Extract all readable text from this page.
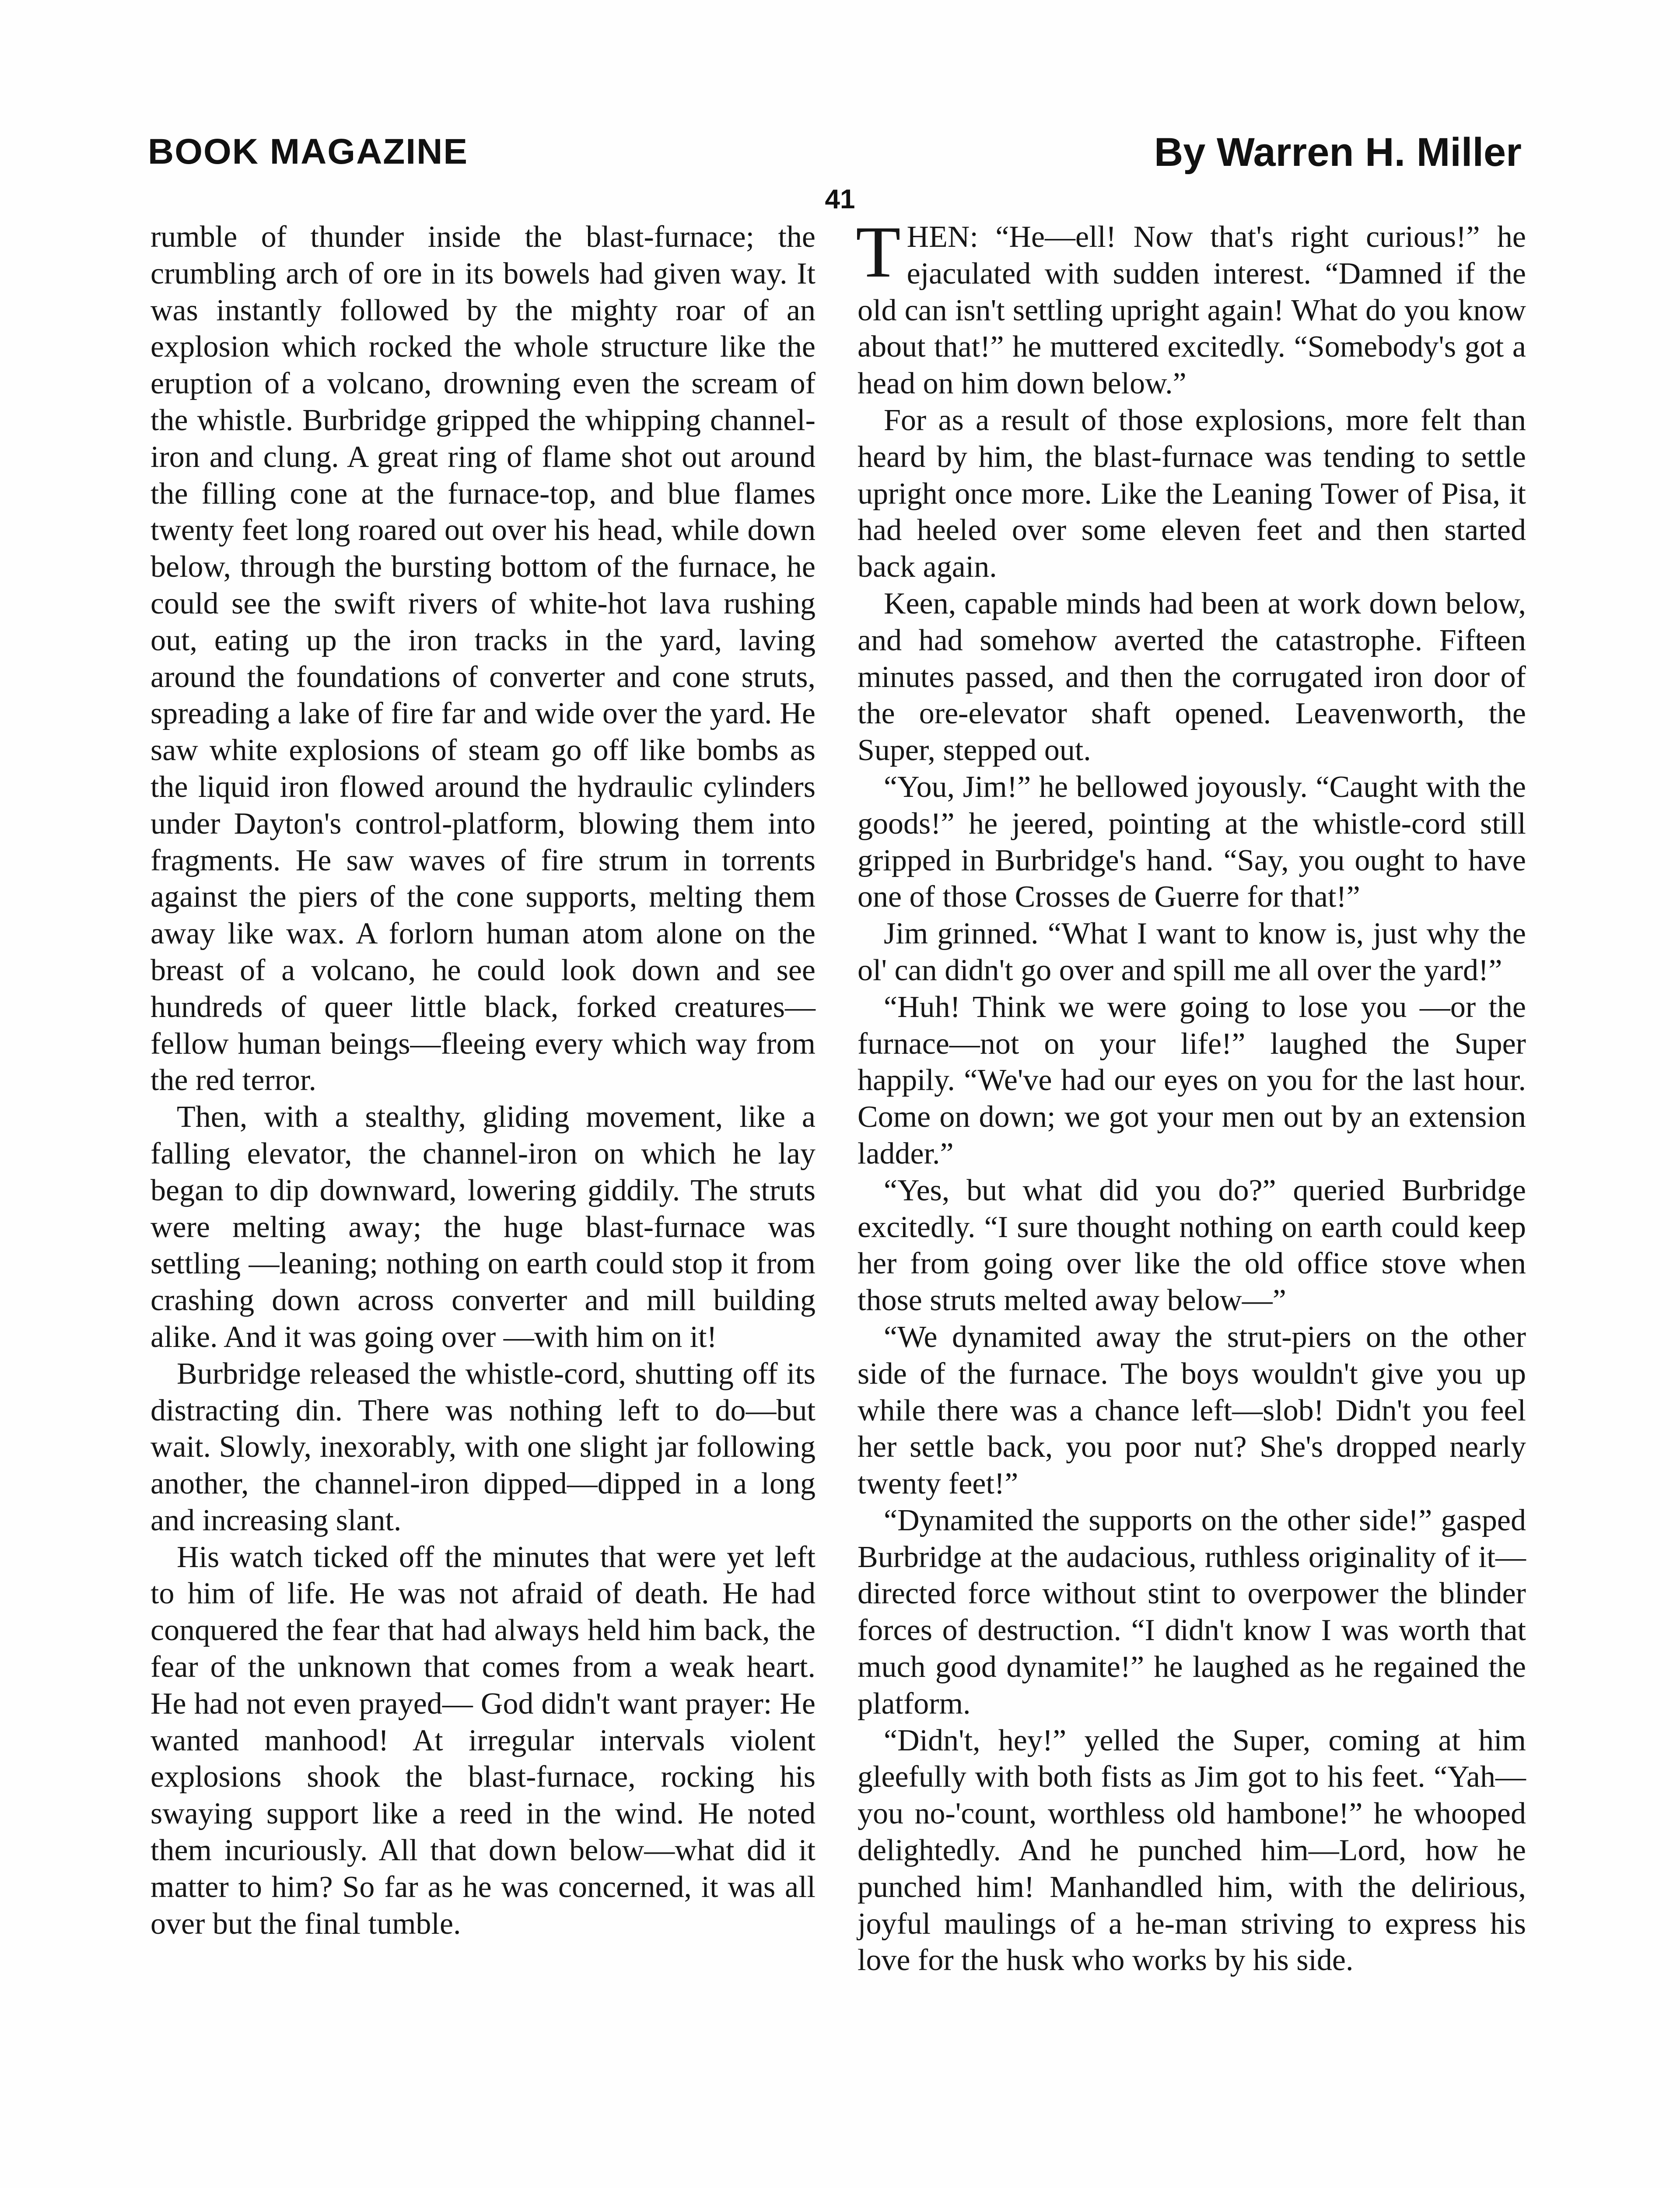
BOOK MAGAZINE	By Warren H. Miller
41

rumble of thunder inside the blast-furnace; the crumbling arch of ore in its bowels had given way. It was instantly followed by the mighty roar of an explosion which rocked the whole structure like the eruption of a volcano, drowning even the scream of the whistle. Burbridge gripped the whipping channel-iron and clung. A great ring of flame shot out around the filling cone at the furnace-top, and blue flames twenty feet long roared out over his head, while down below, through the bursting bottom of the furnace, he could see the swift rivers of white-hot lava rushing out, eating up the iron tracks in the yard, laving around the foundations of converter and cone struts, spreading a lake of fire far and wide over the yard. He saw white explosions of steam go off like bombs as the liquid iron flowed around the hydraulic cylinders under Dayton's control-platform, blowing them into fragments. He saw waves of fire strum in torrents against the piers of the cone supports, melting them away like wax. A forlorn human atom alone on the breast of a volcano, he could look down and see hundreds of queer little black, forked creatures—fellow human beings—fleeing every which way from the red terror.

Then, with a stealthy, gliding movement, like a falling elevator, the channel-iron on which he lay began to dip downward, lowering giddily. The struts were melting away; the huge blast-furnace was settling —leaning; nothing on earth could stop it from crashing down across converter and mill building alike. And it was going over —with him on it!

Burbridge released the whistle-cord, shutting off its distracting din. There was nothing left to do—but wait. Slowly, inexorably, with one slight jar following another, the channel-iron dipped—dipped in a long and increasing slant.

His watch ticked off the minutes that were yet left to him of life. He was not afraid of death. He had conquered the fear that had always held him back, the fear of the unknown that comes from a weak heart. He had not even prayed— God didn't want prayer: He wanted manhood! At irregular intervals violent explosions shook the blast-furnace, rocking his swaying support like a reed in the wind. He noted them incuriously. All that down below—what did it matter to him? So far as he was concerned, it was all over but the final tumble.

THEN: “He—ell! Now that's right curious!” he ejaculated with sudden interest. “Damned if the old can isn't settling upright again! What do you know about that!” he muttered excitedly. “Somebody's got a head on him down below.”

For as a result of those explosions, more felt than heard by him, the blast-furnace was tending to settle upright once more. Like the Leaning Tower of Pisa, it had heeled over some eleven feet and then started back again.

Keen, capable minds had been at work down below, and had somehow averted the catastrophe. Fifteen minutes passed, and then the corrugated iron door of the ore-elevator shaft opened. Leavenworth, the Super, stepped out.

“You, Jim!” he bellowed joyously. “Caught with the goods!” he jeered, pointing at the whistle-cord still gripped in Burbridge's hand. “Say, you ought to have one of those Crosses de Guerre for that!”

Jim grinned. “What I want to know is, just why the ol' can didn't go over and spill me all over the yard!”

“Huh! Think we were going to lose you —or the furnace—not on your life!” laughed the Super happily. “We've had our eyes on you for the last hour. Come on down; we got your men out by an extension ladder.”

“Yes, but what did you do?” queried Burbridge excitedly. “I sure thought nothing on earth could keep her from going over like the old office stove when those struts melted away below—”

“We dynamited away the strut-piers on the other side of the furnace. The boys wouldn't give you up while there was a chance left—slob! Didn't you feel her settle back, you poor nut? She's dropped nearly twenty feet!”

“Dynamited the supports on the other side!” gasped Burbridge at the audacious, ruthless originality of it—directed force without stint to overpower the blinder forces of destruction. “I didn't know I was worth that much good dynamite!” he laughed as he regained the platform.

“Didn't, hey!” yelled the Super, coming at him gleefully with both fists as Jim got to his feet. “Yah—you no-'count, worthless old hambone!” he whooped delightedly. And he punched him—Lord, how he punched him! Manhandled him, with the delirious, joyful maulings of a he-man striving to express his love for the husk who works by his side.
